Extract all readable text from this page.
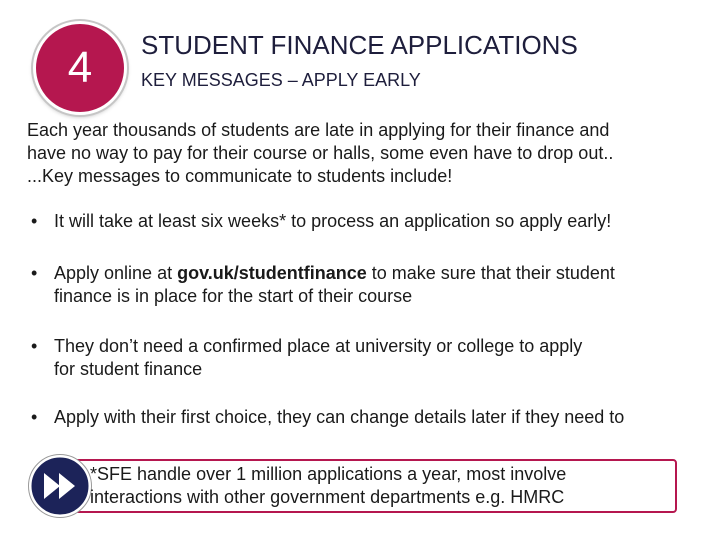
4	STUDENT FINANCE APPLICATIONS
KEY MESSAGES – APPLY EARLY
Each year thousands of students are late in applying for their finance and
have no way to pay for their course or halls, some even have to drop out..
...Key messages to communicate to students include!
• It will take at least six weeks* to process an application so apply early!
• Apply online at gov.uk/studentfinance to make sure that their student
finance is in place for the start of their course
• They don’t need a confirmed place at university or college to apply
for student finance
• Apply with their first choice, they can change details later if they need to
*SFE handle over 1 million applications a year, most involve
interactions with other government departments e.g. HMRC
